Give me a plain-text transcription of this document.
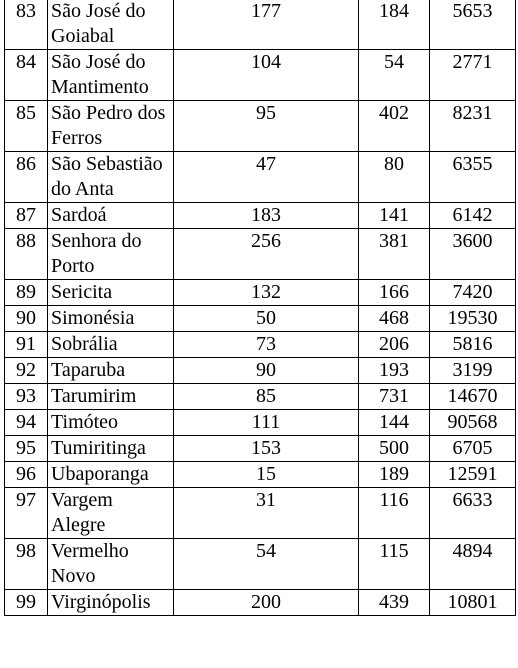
83	São José do Goiabal	177	184	5653
84	São José do Mantimento	104	54	2771
85	São Pedro dos Ferros	95	402	8231
86	São Sebastião do Anta	47	80	6355
87	Sardoá	183	141	6142
88	Senhora do Porto	256	381	3600
89	Sericita	132	166	7420
90	Simonésia	50	468	19530
91	Sobrália	73	206	5816
92	Taparuba	90	193	3199
93	Tarumirim	85	731	14670
94	Timóteo	111	144	90568
95	Tumiritinga	153	500	6705
96	Ubaporanga	15	189	12591
97	Vargem Alegre	31	116	6633
98	Vermelho Novo	54	115	4894
99	Virginópolis	200	439	10801
